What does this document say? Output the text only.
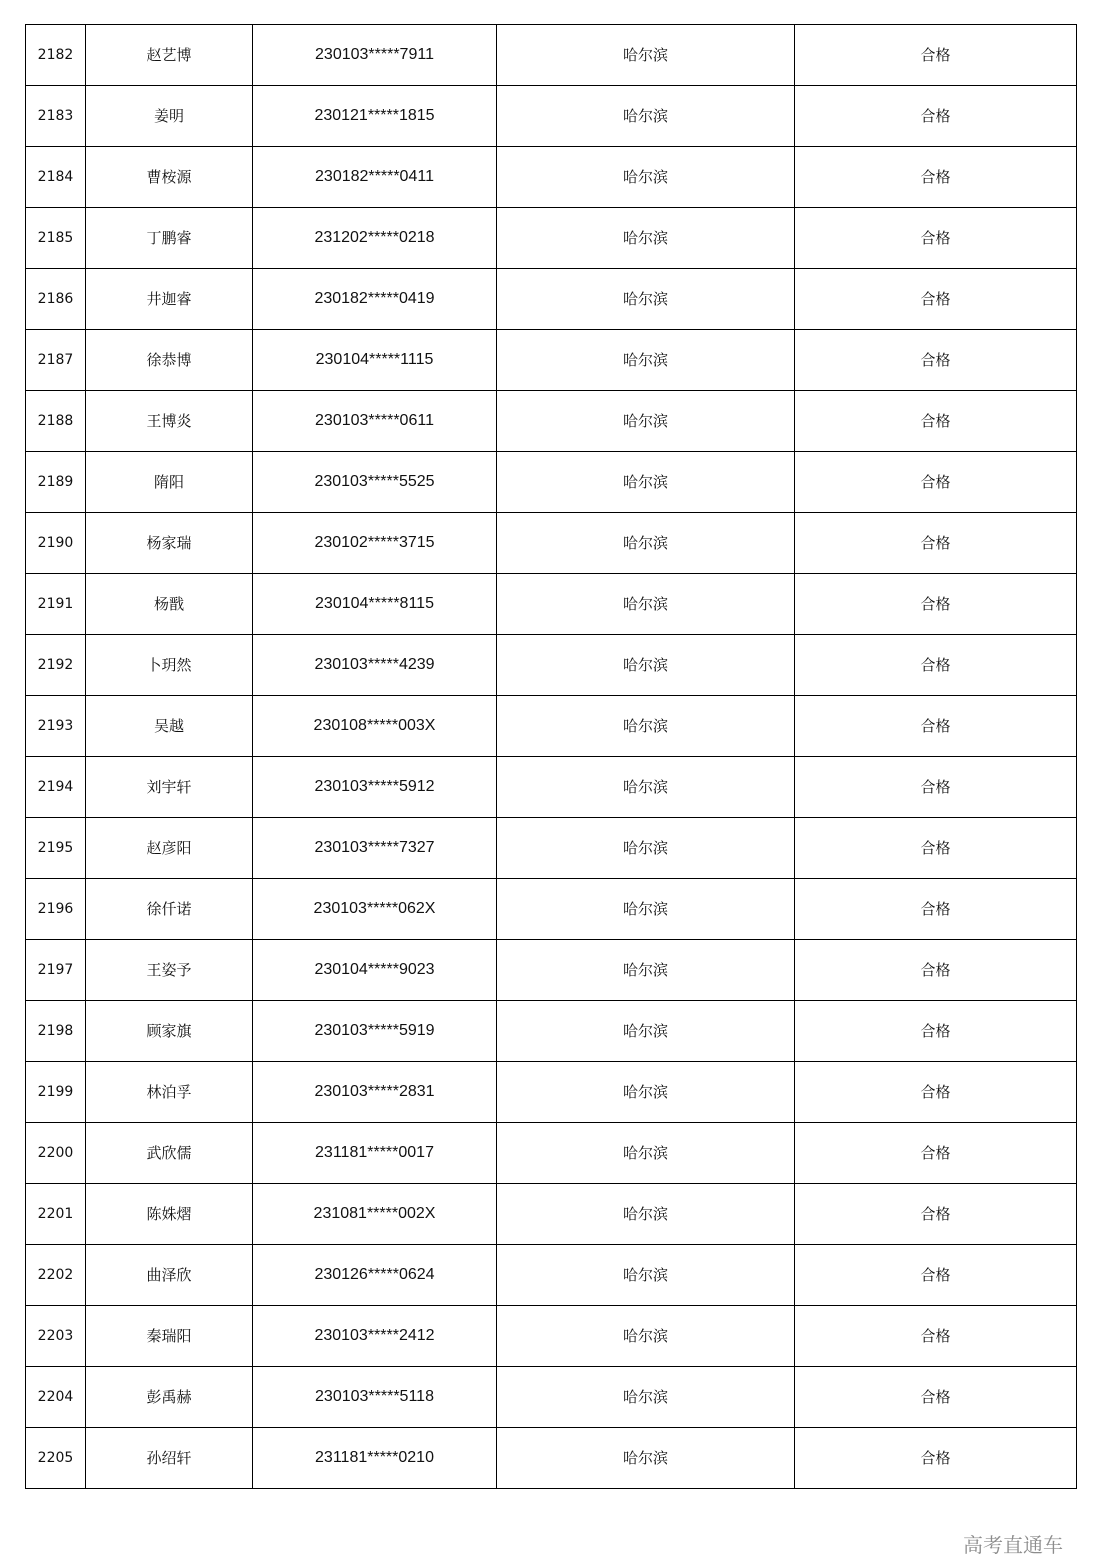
2182	赵艺博	230103*****7911	哈尔滨	合格
2183	姜明	230121*****1815	哈尔滨	合格
2184	曹桉源	230182*****0411	哈尔滨	合格
2185	丁鹏睿	231202*****0218	哈尔滨	合格
2186	井迦睿	230182*****0419	哈尔滨	合格
2187	徐恭博	230104*****1115	哈尔滨	合格
2188	王博炎	230103*****0611	哈尔滨	合格
2189	隋阳	230103*****5525	哈尔滨	合格
2190	杨家瑞	230102*****3715	哈尔滨	合格
2191	杨戬	230104*****8115	哈尔滨	合格
2192	卜玥然	230103*****4239	哈尔滨	合格
2193	吴越	230108*****003X	哈尔滨	合格
2194	刘宇轩	230103*****5912	哈尔滨	合格
2195	赵彦阳	230103*****7327	哈尔滨	合格
2196	徐仟诺	230103*****062X	哈尔滨	合格
2197	王姿予	230104*****9023	哈尔滨	合格
2198	顾家旗	230103*****5919	哈尔滨	合格
2199	林泊孚	230103*****2831	哈尔滨	合格
2200	武欣儒	231181*****0017	哈尔滨	合格
2201	陈姝熠	231081*****002X	哈尔滨	合格
2202	曲泽欣	230126*****0624	哈尔滨	合格
2203	秦瑞阳	230103*****2412	哈尔滨	合格
2204	彭禹赫	230103*****5118	哈尔滨	合格
2205	孙绍轩	231181*****0210	哈尔滨	合格
高考直通车
